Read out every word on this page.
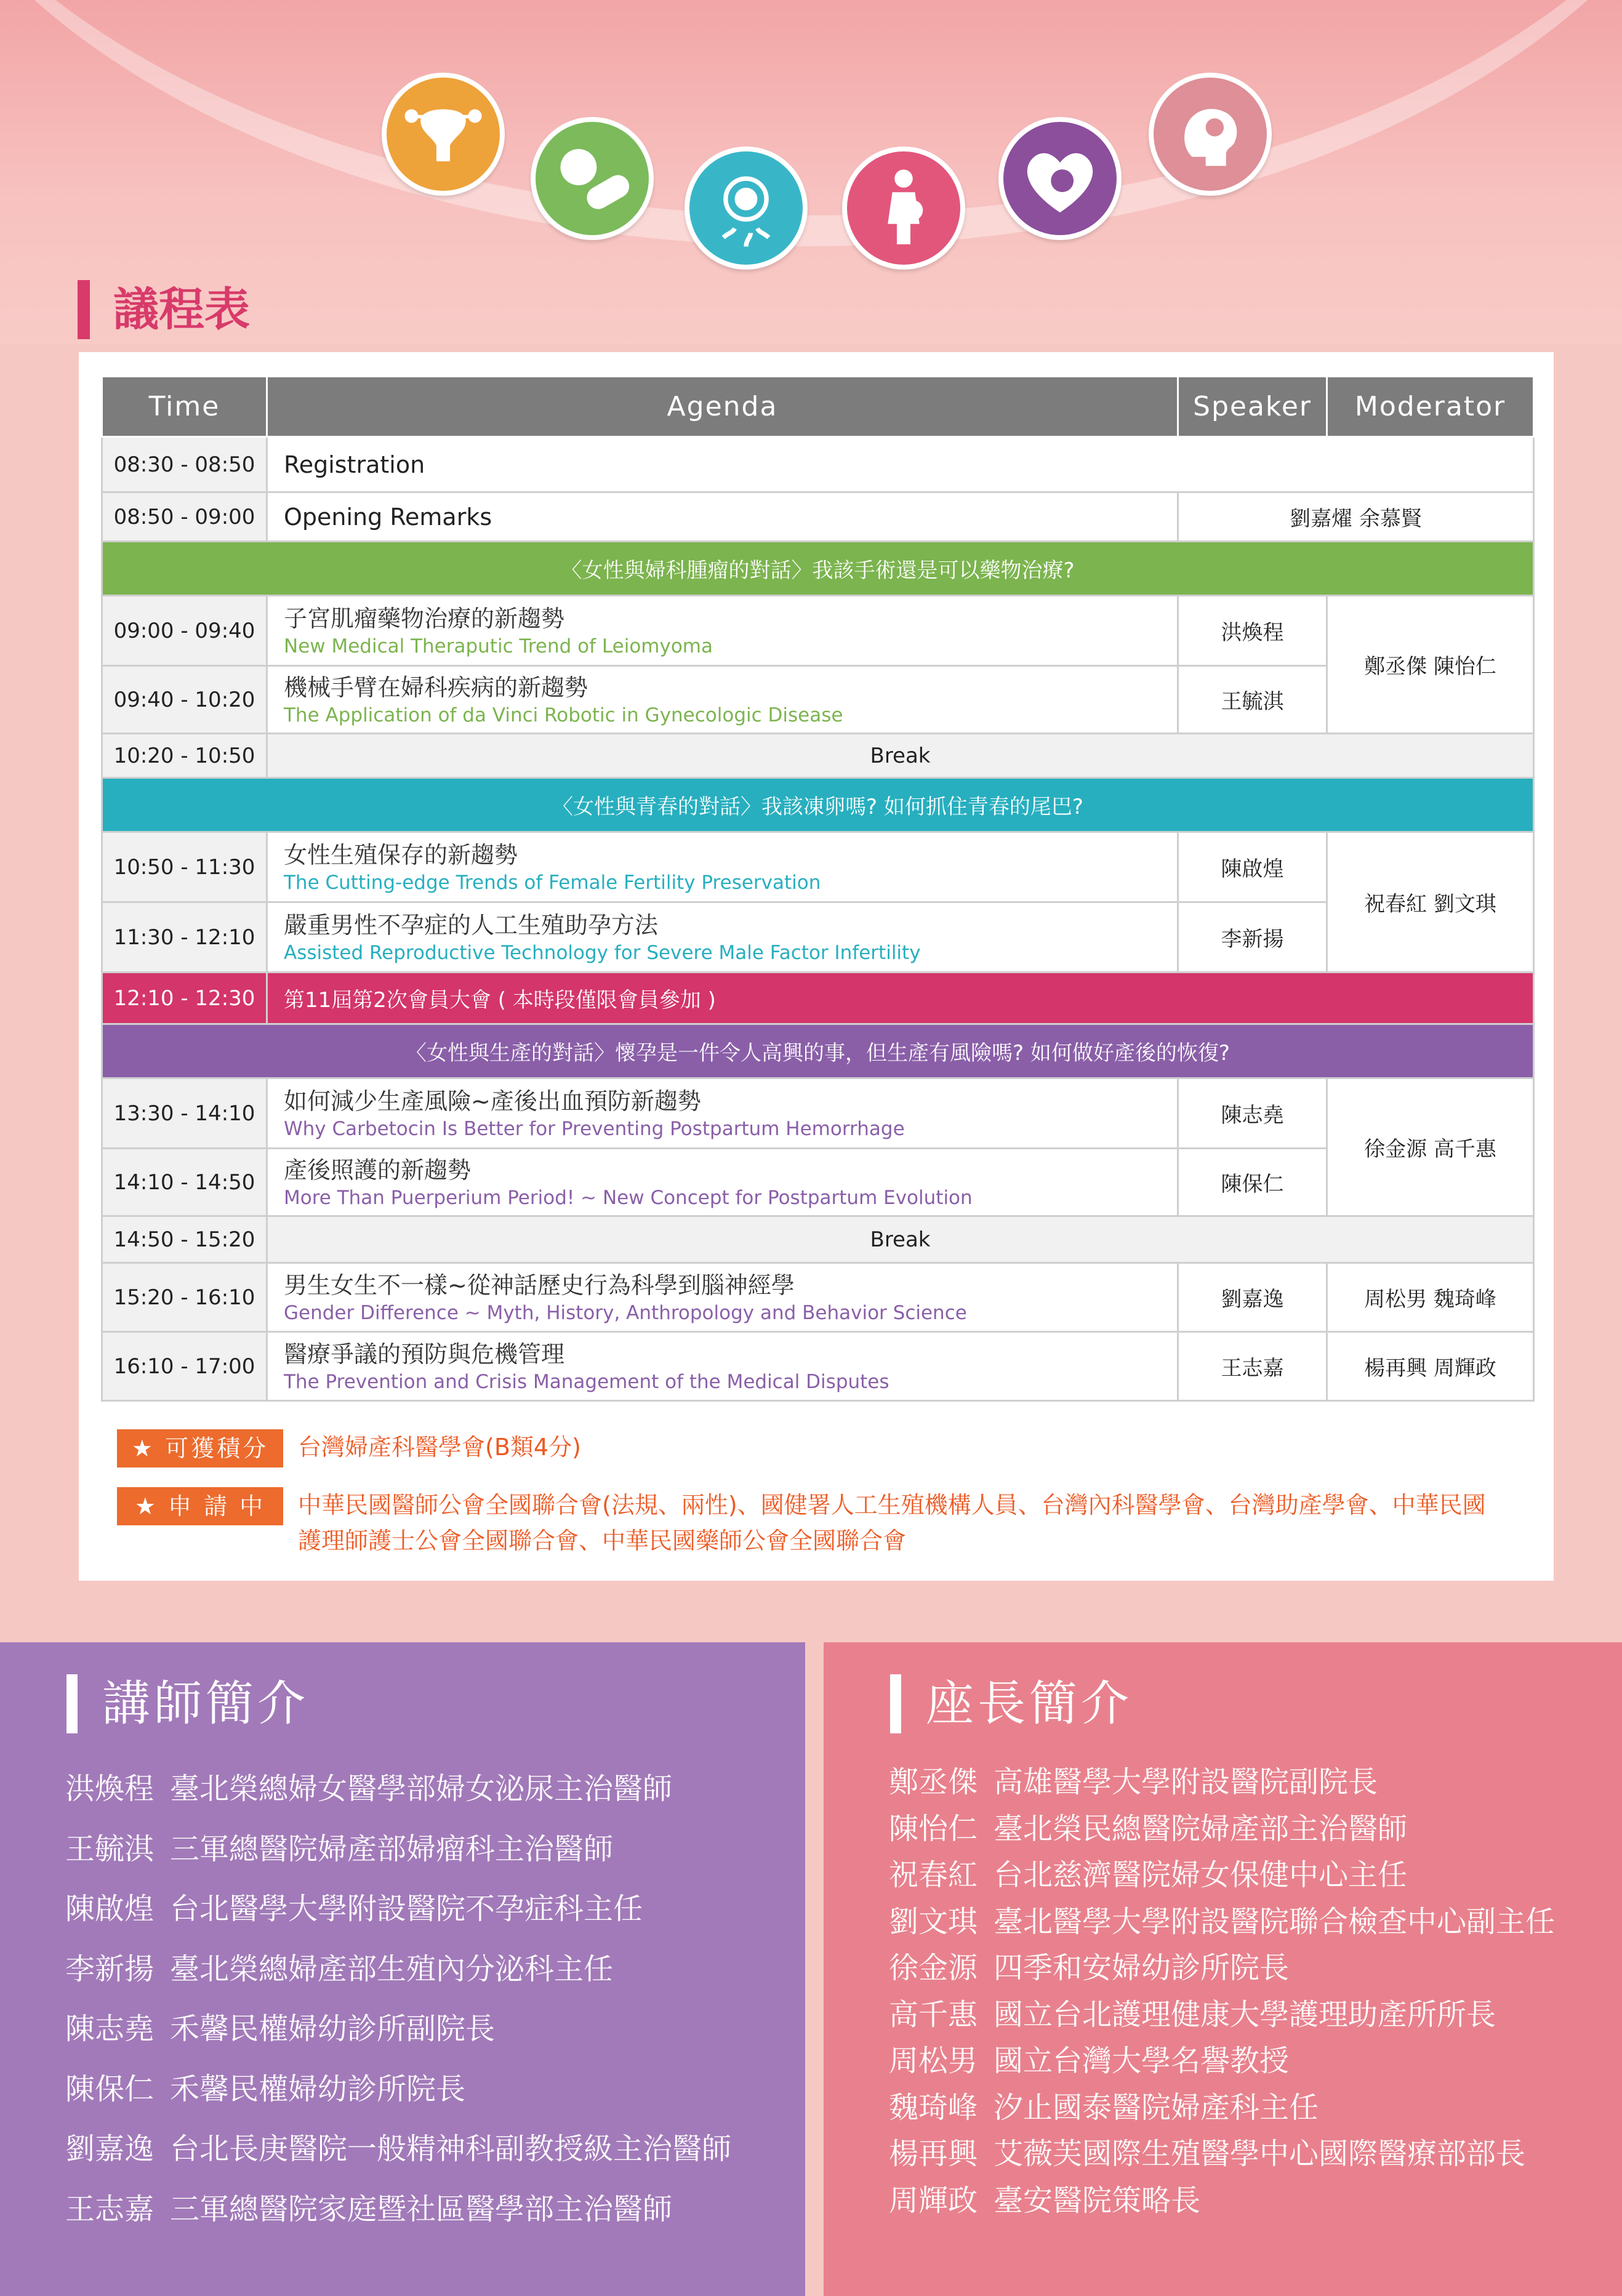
議程表
Time	Agenda	Speaker	Moderator
08:30 - 08:50	Registration		
08:50 - 09:00	Opening Remarks	劉嘉燿 余慕賢	
〈女性與婦科腫瘤的對話〉我該手術還是可以藥物治療?			
09:00 - 09:40	子宮肌瘤藥物治療的新趨勢
New Medical Theraputic Trend of Leiomyoma	洪煥程	鄭丞傑 陳怡仁
09:40 - 10:20	機械手臂在婦科疾病的新趨勢
The Application of da Vinci Robotic in Gynecologic Disease	王毓淇	
10:20 - 10:50	Break		
〈女性與青春的對話〉我該凍卵嗎? 如何抓住青春的尾巴?			
10:50 - 11:30	女性生殖保存的新趨勢
The Cutting-edge Trends of Female Fertility Preservation	陳啟煌	祝春紅 劉文琪
11:30 - 12:10	嚴重男性不孕症的人工生殖助孕方法
Assisted Reproductive Technology for Severe Male Factor Infertility	李新揚	
12:10 - 12:30	第11屆第2次會員大會 ( 本時段僅限會員參加 )		
〈女性與生產的對話〉懷孕是一件令人高興的事，但生產有風險嗎? 如何做好產後的恢復?			
13:30 - 14:10	如何減少生產風險~產後出血預防新趨勢
Why Carbetocin Is Better for Preventing Postpartum Hemorrhage	陳志堯	徐金源 高千惠
14:10 - 14:50	產後照護的新趨勢
More Than Puerperium Period! ~ New Concept for Postpartum Evolution	陳保仁	
14:50 - 15:20	Break		
15:20 - 16:10	男生女生不一樣~從神話歷史行為科學到腦神經學
Gender Difference ~ Myth, History, Anthropology and Behavior Science	劉嘉逸	周松男 魏琦峰
16:10 - 17:00	醫療爭議的預防與危機管理
The Prevention and Crisis Management of the Medical Disputes	王志嘉	楊再興 周輝政
★ 可獲積分	台灣婦產科醫學會(B類4分)
★ 申 請 中	中華民國醫師公會全國聯合會(法規、兩性)、國健署人工生殖機構人員、台灣內科醫學會、台灣助產學會、中華民國護理師護士公會全國聯合會、中華民國藥師公會全國聯合會
講師簡介
洪煥程 臺北榮總婦女醫學部婦女泌尿主治醫師
王毓淇 三軍總醫院婦產部婦瘤科主治醫師
陳啟煌 台北醫學大學附設醫院不孕症科主任
李新揚 臺北榮總婦產部生殖內分泌科主任
陳志堯 禾馨民權婦幼診所副院長
陳保仁 禾馨民權婦幼診所院長
劉嘉逸 台北長庚醫院一般精神科副教授級主治醫師
王志嘉 三軍總醫院家庭暨社區醫學部主治醫師
座長簡介
鄭丞傑 高雄醫學大學附設醫院副院長
陳怡仁 臺北榮民總醫院婦產部主治醫師
祝春紅 台北慈濟醫院婦女保健中心主任
劉文琪 臺北醫學大學附設醫院聯合檢查中心副主任
徐金源 四季和安婦幼診所院長
高千惠 國立台北護理健康大學護理助產所所長
周松男 國立台灣大學名譽教授
魏琦峰 汐止國泰醫院婦產科主任
楊再興 艾薇芙國際生殖醫學中心國際醫療部部長
周輝政 臺安醫院策略長
